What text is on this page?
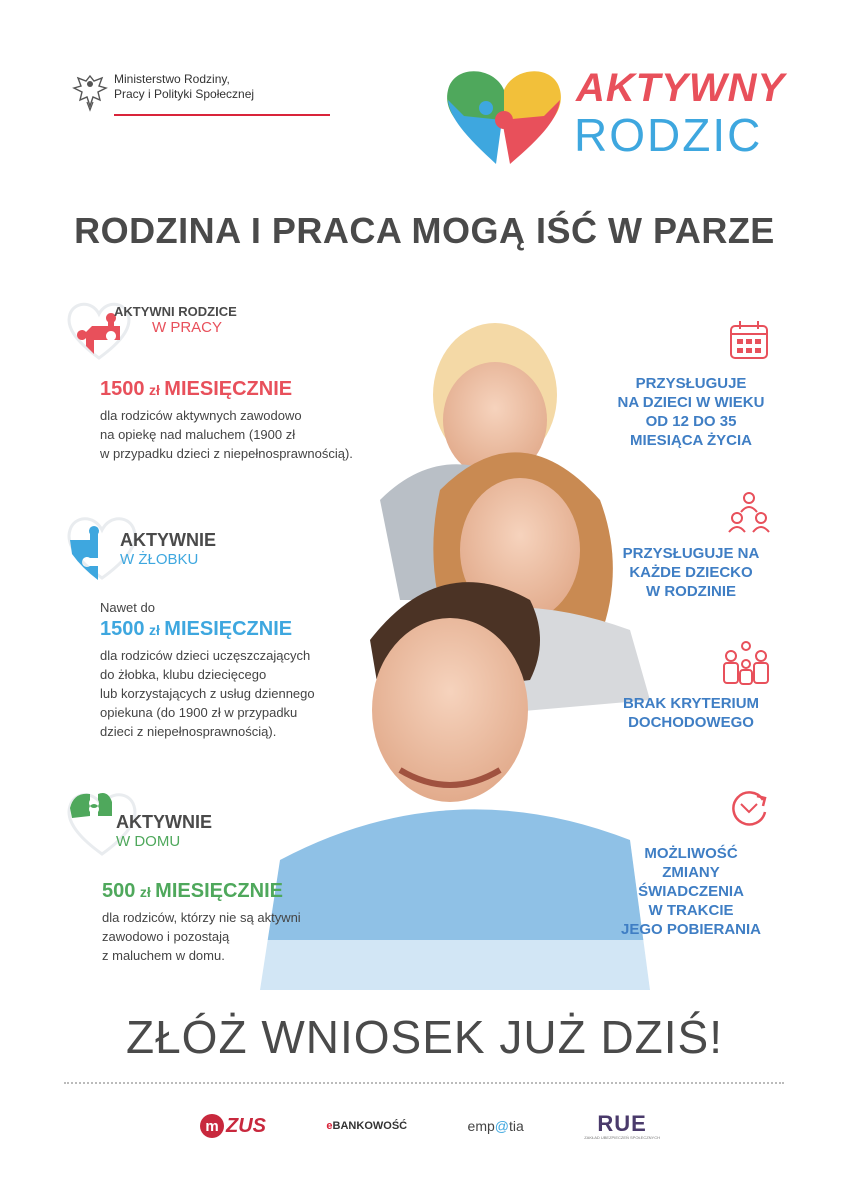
Ministerstwo Rodziny,
Pracy i Polityki Społecznej	AKTYWNY
RODZIC
RODZINA I PRACA MOGĄ IŚĆ W PARZE
AKTYWNI RODZICE
W PRACY
1500 zł MIESIĘCZNIE
dla rodziców aktywnych zawodowo
na opiekę nad maluchem (1900 zł
w przypadku dzieci z niepełnosprawnością).
AKTYWNIE
W ŻŁOBKU
Nawet do
1500 zł MIESIĘCZNIE
dla rodziców dzieci uczęszczających
do żłobka, klubu dziecięcego
lub korzystających z usług dziennego
opiekuna (do 1900 zł w przypadku
dzieci z niepełnosprawnością).
AKTYWNIE
W DOMU
500 zł MIESIĘCZNIE
dla rodziców, którzy nie są aktywni
zawodowo i pozostają
z maluchem w domu.
PRZYSŁUGUJE
NA DZIECI W WIEKU
OD 12 DO 35
MIESIĄCA ŻYCIA
PRZYSŁUGUJE NA
KAŻDE DZIECKO
W RODZINIE
BRAK KRYTERIUM
DOCHODOWEGO
MOŻLIWOŚĆ
ZMIANY
ŚWIADCZENIA
W TRAKCIE
JEGO POBIERANIA
ZŁÓŻ WNIOSEK JUŻ DZIŚ!
m ZUS	eBANKOWOŚĆ	emp@tia	RUE
ZAKŁAD UBEZPIECZEŃ SPOŁECZNYCH
